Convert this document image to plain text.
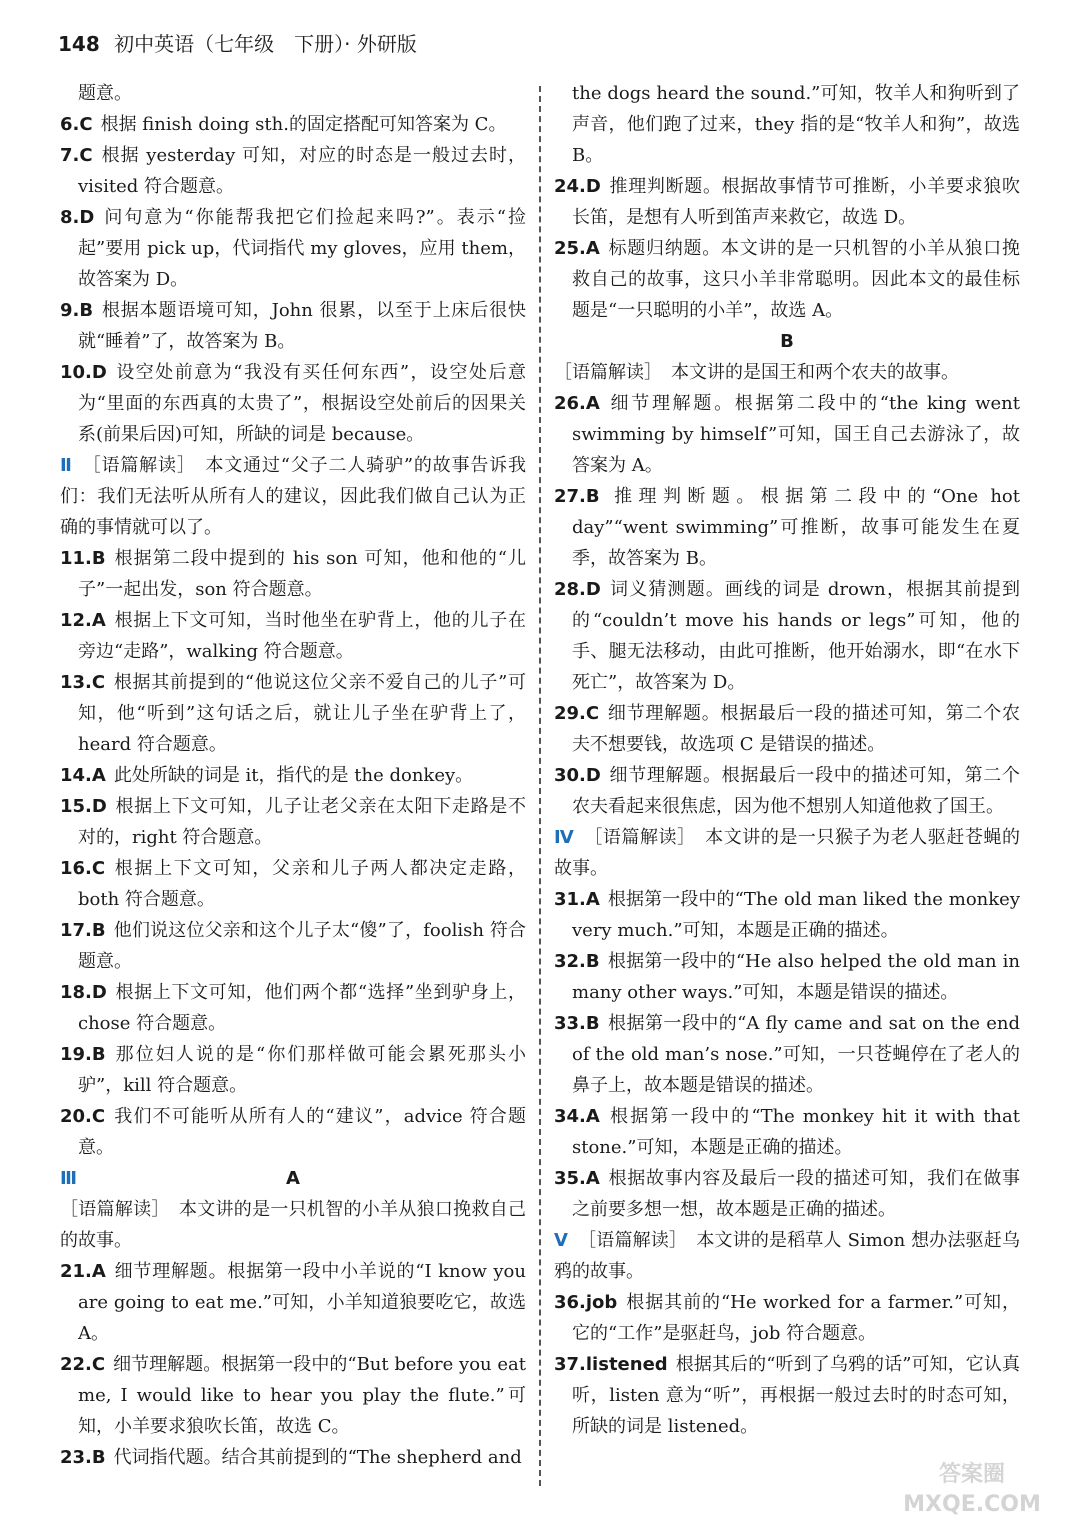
148 初中英语（七年级　下册）· 外研版
题意。
6.C 根据 finish doing sth.的固定搭配可知答案为 C。
7.C 根据 yesterday 可知，对应的时态是一般过去时，visited 符合题意。
8.D 问句意为“你能帮我把它们捡起来吗?”。表示“捡起”要用 pick up，代词指代 my gloves，应用 them，故答案为 D。
9.B 根据本题语境可知，John 很累，以至于上床后很快就“睡着”了，故答案为 B。
10.D 设空处前意为“我没有买任何东西”，设空处后意为“里面的东西真的太贵了”，根据设空处前后的因果关系(前果后因)可知，所缺的词是 because。
Ⅱ ［语篇解读］　本文通过“父子二人骑驴”的故事告诉我们：我们无法听从所有人的建议，因此我们做自己认为正确的事情就可以了。
11.B 根据第二段中提到的 his son 可知，他和他的“儿子”一起出发，son 符合题意。
12.A 根据上下文可知，当时他坐在驴背上，他的儿子在旁边“走路”，walking 符合题意。
13.C 根据其前提到的“他说这位父亲不爱自己的儿子”可知，他“听到”这句话之后，就让儿子坐在驴背上了，heard 符合题意。
14.A 此处所缺的词是 it，指代的是 the donkey。
15.D 根据上下文可知，儿子让老父亲在太阳下走路是不对的，right 符合题意。
16.C 根据上下文可知，父亲和儿子两人都决定走路，both 符合题意。
17.B 他们说这位父亲和这个儿子太“傻”了，foolish 符合题意。
18.D 根据上下文可知，他们两个都“选择”坐到驴身上，chose 符合题意。
19.B 那位妇人说的是“你们那样做可能会累死那头小驴”，kill 符合题意。
20.C 我们不可能听从所有人的“建议”，advice 符合题意。
Ⅲ	A
［语篇解读］　本文讲的是一只机智的小羊从狼口挽救自己的故事。
21.A 细节理解题。根据第一段中小羊说的“I know you are going to eat me.”可知，小羊知道狼要吃它，故选 A。
22.C 细节理解题。根据第一段中的“But before you eat me, I would like to hear you play the flute.”可知，小羊要求狼吹长笛，故选 C。
23.B 代词指代题。结合其前提到的“The shepherd and
the dogs heard the sound.”可知，牧羊人和狗听到了声音，他们跑了过来，they 指的是“牧羊人和狗”，故选 B。
24.D 推理判断题。根据故事情节可推断，小羊要求狼吹长笛，是想有人听到笛声来救它，故选 D。
25.A 标题归纳题。本文讲的是一只机智的小羊从狼口挽救自己的故事，这只小羊非常聪明。因此本文的最佳标题是“一只聪明的小羊”，故选 A。
B
［语篇解读］　本文讲的是国王和两个农夫的故事。
26.A 细节理解题。根据第二段中的“the king went swimming by himself”可知，国王自己去游泳了，故答案为 A。
27.B 推理判断题。根据第二段中的“One hot day”“went swimming”可推断，故事可能发生在夏季，故答案为 B。
28.D 词义猜测题。画线的词是 drown，根据其前提到的“couldn’t move his hands or legs”可知，他的手、腿无法移动，由此可推断，他开始溺水，即“在水下死亡”，故答案为 D。
29.C 细节理解题。根据最后一段的描述可知，第二个农夫不想要钱，故选项 C 是错误的描述。
30.D 细节理解题。根据最后一段中的描述可知，第二个农夫看起来很焦虑，因为他不想别人知道他救了国王。
Ⅳ ［语篇解读］　本文讲的是一只猴子为老人驱赶苍蝇的故事。
31.A 根据第一段中的“The old man liked the monkey very much.”可知，本题是正确的描述。
32.B 根据第一段中的“He also helped the old man in many other ways.”可知，本题是错误的描述。
33.B 根据第一段中的“A fly came and sat on the end of the old man’s nose.”可知，一只苍蝇停在了老人的鼻子上，故本题是错误的描述。
34.A 根据第一段中的“The monkey hit it with that stone.”可知，本题是正确的描述。
35.A 根据故事内容及最后一段的描述可知，我们在做事之前要多想一想，故本题是正确的描述。
Ⅴ ［语篇解读］　本文讲的是稻草人 Simon 想办法驱赶乌鸦的故事。
36.job 根据其前的“He worked for a farmer.”可知，它的“工作”是驱赶鸟，job 符合题意。
37.listened 根据其后的“听到了乌鸦的话”可知，它认真听，listen 意为“听”，再根据一般过去时的时态可知，所缺的词是 listened。
答案圈
MXQE.COM
